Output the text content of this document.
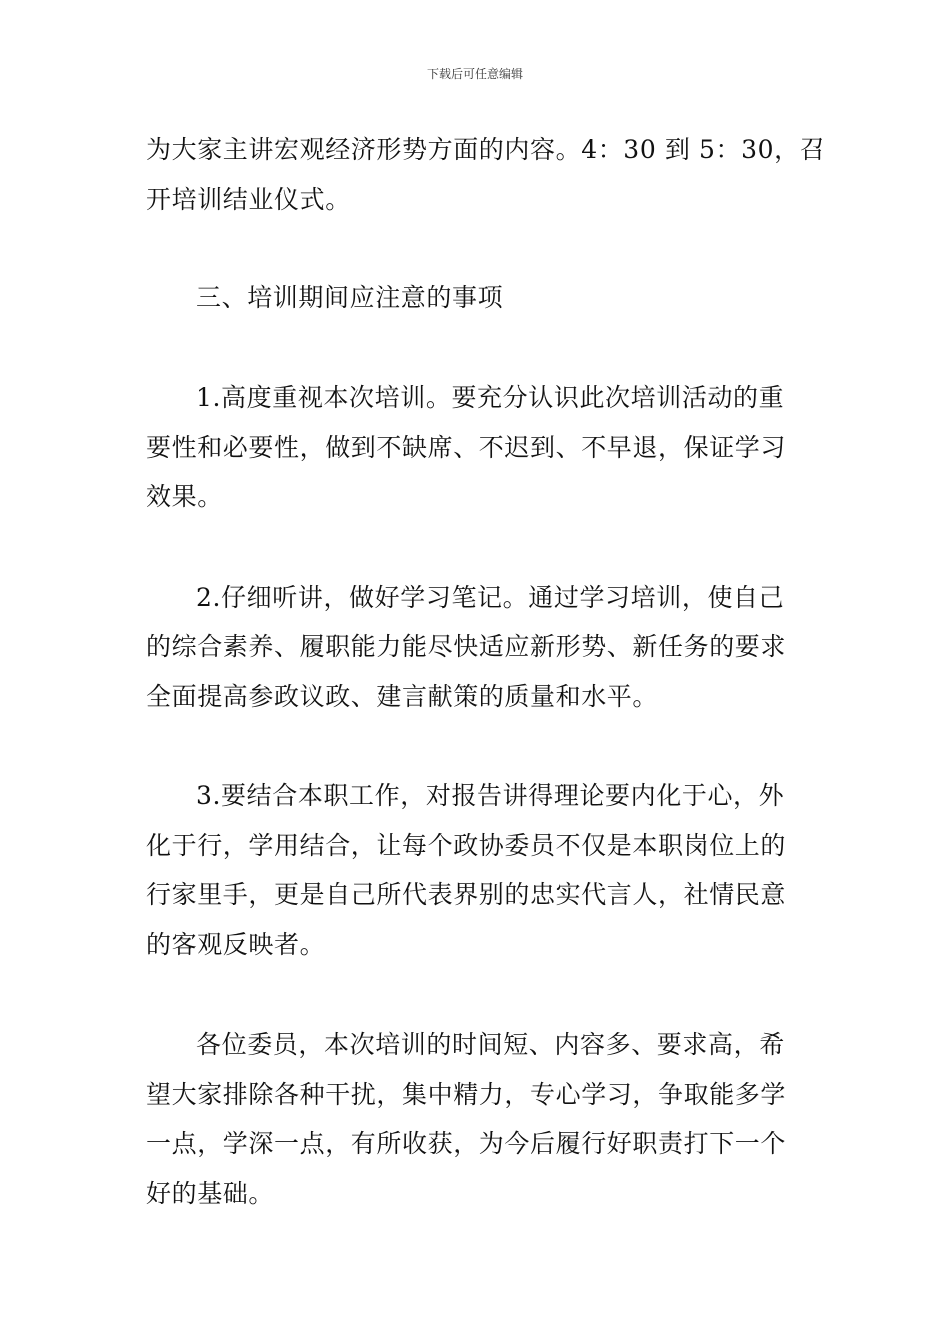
下载后可任意编辑
为大家主讲宏观经济形势方面的内容。4：30 到 5：30，召
开培训结业仪式。
三、培训期间应注意的事项
1.高度重视本次培训。要充分认识此次培训活动的重
要性和必要性，做到不缺席、不迟到、不早退，保证学习
效果。
2.仔细听讲，做好学习笔记。通过学习培训，使自己
的综合素养、履职能力能尽快适应新形势、新任务的要求
全面提高参政议政、建言献策的质量和水平。
3.要结合本职工作，对报告讲得理论要内化于心，外
化于行，学用结合，让每个政协委员不仅是本职岗位上的
行家里手，更是自己所代表界别的忠实代言人，社情民意
的客观反映者。
各位委员，本次培训的时间短、内容多、要求高，希
望大家排除各种干扰，集中精力，专心学习，争取能多学
一点，学深一点，有所收获，为今后履行好职责打下一个
好的基础。
